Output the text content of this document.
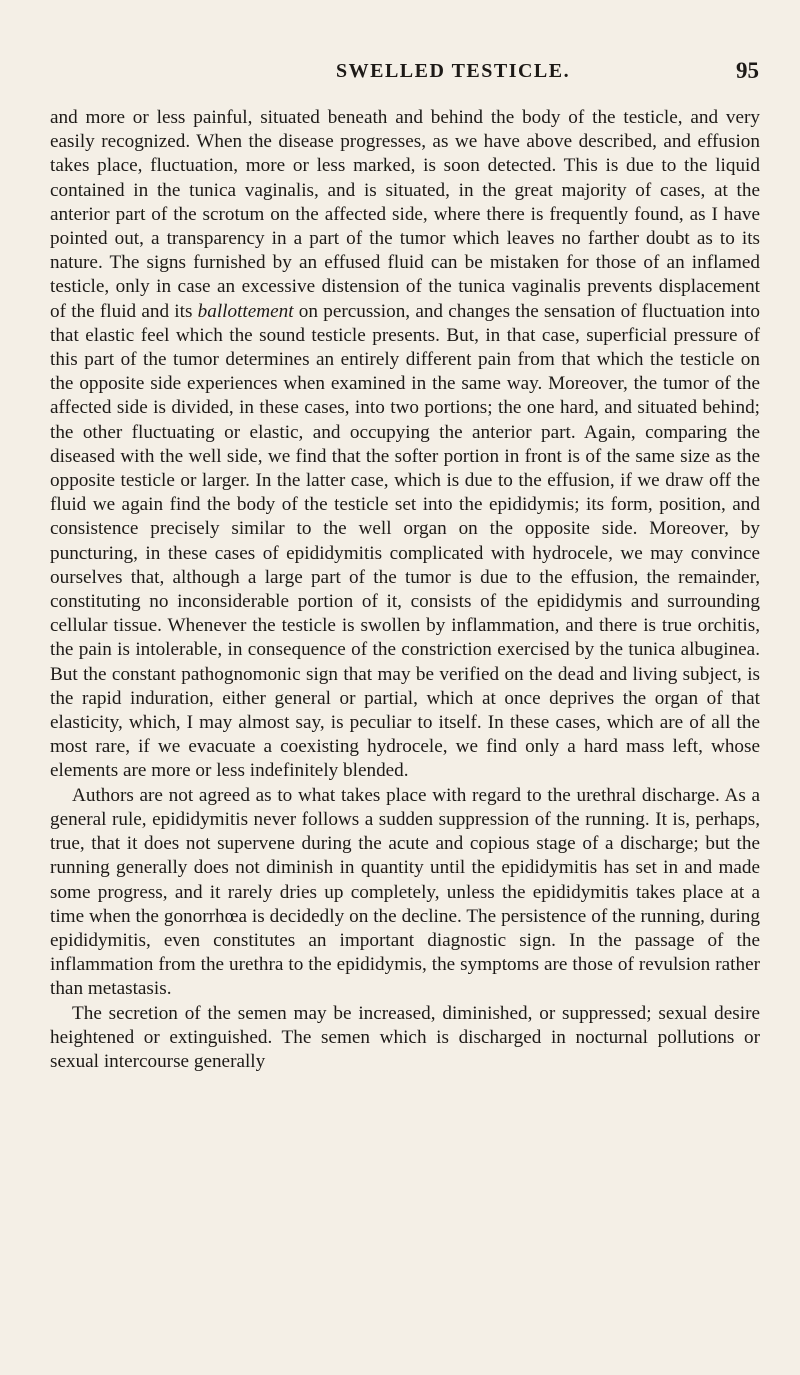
SWELLED TESTICLE.	95

and more or less painful, situated beneath and behind the body of the testicle, and very easily recognized. When the disease progresses, as we have above described, and effusion takes place, fluctuation, more or less marked, is soon detected. This is due to the liquid contained in the tunica vaginalis, and is situated, in the great majority of cases, at the anterior part of the scrotum on the affected side, where there is frequently found, as I have pointed out, a transparency in a part of the tumor which leaves no farther doubt as to its nature. The signs furnished by an effused fluid can be mistaken for those of an inflamed testicle, only in case an excessive distension of the tunica vaginalis prevents displacement of the fluid and its ballottement on percussion, and changes the sensation of fluctuation into that elastic feel which the sound testicle presents. But, in that case, superficial pressure of this part of the tumor determines an entirely different pain from that which the testicle on the opposite side experiences when examined in the same way. Moreover, the tumor of the affected side is divided, in these cases, into two portions; the one hard, and situated behind; the other fluctuating or elastic, and occupying the anterior part. Again, comparing the diseased with the well side, we find that the softer portion in front is of the same size as the opposite testicle or larger. In the latter case, which is due to the effusion, if we draw off the fluid we again find the body of the testicle set into the epididymis; its form, position, and consistence precisely similar to the well organ on the opposite side. Moreover, by puncturing, in these cases of epididymitis complicated with hydrocele, we may convince ourselves that, although a large part of the tumor is due to the effusion, the remainder, constituting no inconsiderable portion of it, consists of the epididymis and surrounding cellular tissue. Whenever the testicle is swollen by inflammation, and there is true orchitis, the pain is intolerable, in consequence of the constriction exercised by the tunica albuginea. But the constant pathognomonic sign that may be verified on the dead and living subject, is the rapid induration, either general or partial, which at once deprives the organ of that elasticity, which, I may almost say, is peculiar to itself. In these cases, which are of all the most rare, if we evacuate a coexisting hydrocele, we find only a hard mass left, whose elements are more or less indefinitely blended.

Authors are not agreed as to what takes place with regard to the urethral discharge. As a general rule, epididymitis never follows a sudden suppression of the running. It is, perhaps, true, that it does not supervene during the acute and copious stage of a discharge; but the running generally does not diminish in quantity until the epididymitis has set in and made some progress, and it rarely dries up completely, unless the epididymitis takes place at a time when the gonorrhœa is decidedly on the decline. The persistence of the running, during epididymitis, even constitutes an important diagnostic sign. In the passage of the inflammation from the urethra to the epididymis, the symptoms are those of revulsion rather than metastasis.

The secretion of the semen may be increased, diminished, or suppressed; sexual desire heightened or extinguished. The semen which is discharged in nocturnal pollutions or sexual intercourse generally
